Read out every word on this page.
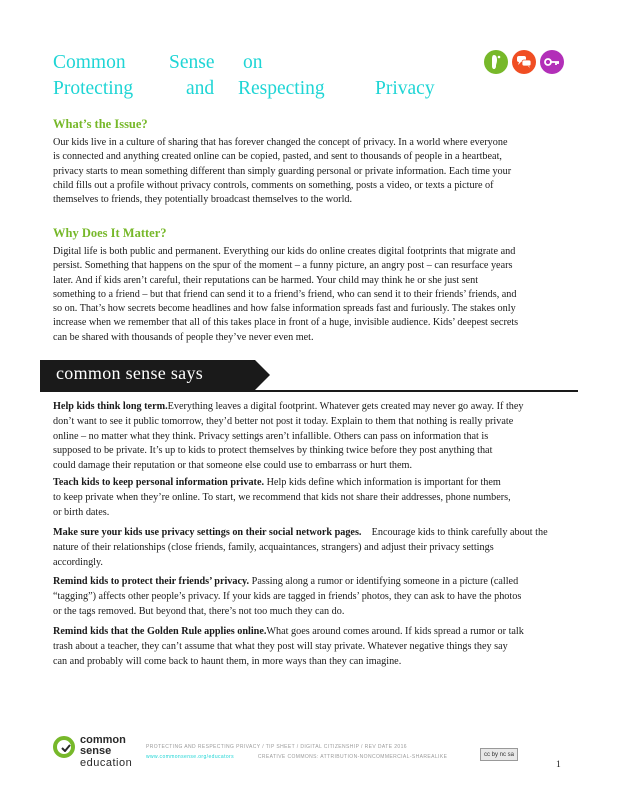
Common Sense on
Protecting	and Respecting	Privacy
What’s the Issue?

Our kids live in a culture of sharing that has forever changed the concept of privacy. In a world where everyone

is connected and anything created online can be copied, pasted, and sent to thousands of people in a heartbeat,

privacy starts to mean something different than simply guarding personal or private information. Each time your

child fills out a profile without privacy controls, comments on something, posts a video, or texts a picture of

themselves to friends, they potentially broadcast themselves to the world.

Why Does It Matter?

Digital life is both public and permanent. Everything our kids do online creates digital footprints that migrate and

persist. Something that happens on the spur of the moment – a funny picture, an angry post – can resurface years

later. And if kids aren’t careful, their reputations can be harmed. Your child may think he or she just sent

something to a friend – but that friend can send it to a friend’s friend, who can send it to their friends’ friends, and

so on. That’s how secrets become headlines and how false information spreads fast and furiously. The stakes only

increase when we remember that all of this takes place in front of a huge, invisible audience. Kids’ deepest secrets

can be shared with thousands of people they’ve never even met.

common sense says
Help kids think long term.Everything leaves a digital footprint. Whatever gets created may never go away. If they
don’t want to see it public tomorrow, they’d better not post it today. Explain to them that nothing is really private
online – no matter what they think. Privacy settings aren’t infallible. Others can pass on information that is
supposed to be private. It’s up to kids to protect themselves by thinking twice before they post anything that
could damage their reputation or that someone else could use to embarrass or hurt them.
Teach kids to keep personal information private. Help kids define which information is important for them
to keep private when they’re online. To start, we recommend that kids not share their addresses, phone numbers,
or birth dates.
Make sure your kids use privacy settings on their social network pages.    Encourage kids to think carefully about the
nature of their relationships (close friends, family, acquaintances, strangers) and adjust their privacy settings
accordingly.
Remind kids to protect their friends’ privacy. Passing along a rumor or identifying someone in a picture (called
“tagging”) affects other people’s privacy. If your kids are tagged in friends’ photos, they can ask to have the photos
or the tags removed. But beyond that, there’s not too much they can do.
Remind kids that the Golden Rule applies online.What goes around comes around. If kids spread a rumor or talk
trash about a teacher, they can’t assume that what they post will stay private. Whatever negative things they say
can and probably will come back to haunt them, in more ways than they can imagine.
common
sense
education
PROTECTING AND RESPECTING PRIVACY / TIP SHEET / DIGITAL CITIZENSHIP / REV DATE 2016
www.commonsense.org/educators	CREATIVE COMMONS: ATTRIBUTION-NONCOMMERCIAL-SHAREALIKE	cc by nc sa
1
